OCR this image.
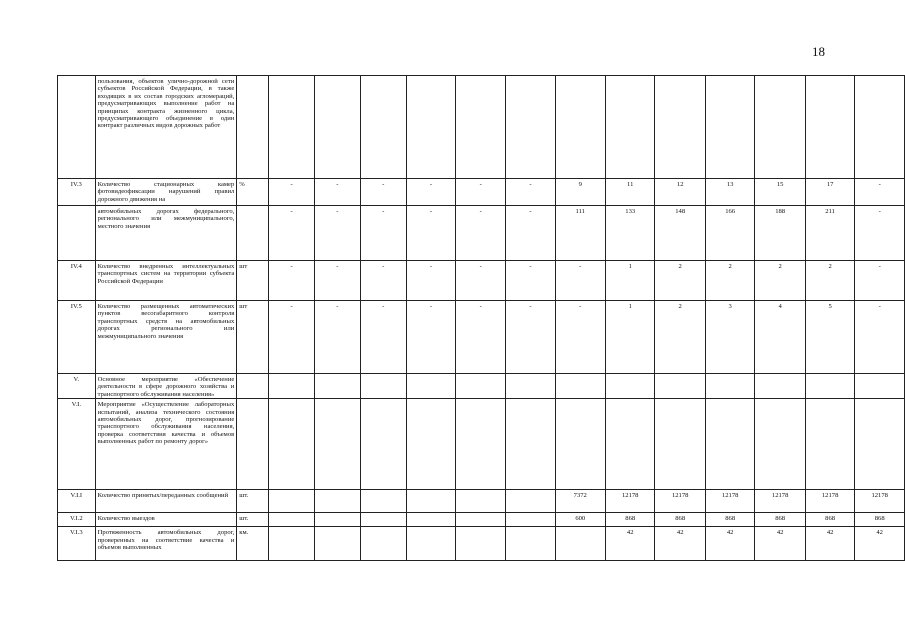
18
	пользования, объектов улично-дорожной сети субъектов Российской Федерации, в также входящих в их состав городских агломераций, предусматривающих выполнение работ на принципах контракта жизненного цикла, предусматривающего объединение в один контракт различных видов дорожных работ														
IV.3	Количество стационарных камер фотовидеофиксации нарушений правил дорожного движения на	%	-	-	-	-	-	-	9	11	12	13	15	17	-
	автомобильных дорогах федерального, регионального или межмуниципального, местного значения		-	-	-	-	-	-	111	133	148	166	188	211	-
IV.4	Количество внедренных интеллектуальных транспортных систем на территории субъекта Российской Федерации	шт	-	-	-	-	-	-	-	1	2	2	2	2	-
IV.5	Количество размещенных автоматических пунктов весогабаритного контроля транспортных средств на автомобильных дорогах регионального или межмуниципального значения	шт	-	-	-	-	-	-	-	1	2	3	4	5	-
V.	Основное мероприятие «Обеспечение деятельности в сфере дорожного хозяйства и транспортного обслуживания населения»														
V.I.	Мероприятие «Осуществление лабораторных испытаний, анализа технического состояния автомобильных дорог, прогнозирование транспортного обслуживания населения, проверка соответствия качества и объемов выполненных работ по ремонту дорог»														
V.I.I	Количество принятых/переданных сообщений	шт.							7372	12178	12178	12178	12178	12178	12178
V.I.2	Количество выездов	шт.							600	868	868	868	868	868	868
V.I.3	Протяженность автомобильных дорог, проверенных на соответствие качества и объемов выполненных	км.								42	42	42	42	42	42
